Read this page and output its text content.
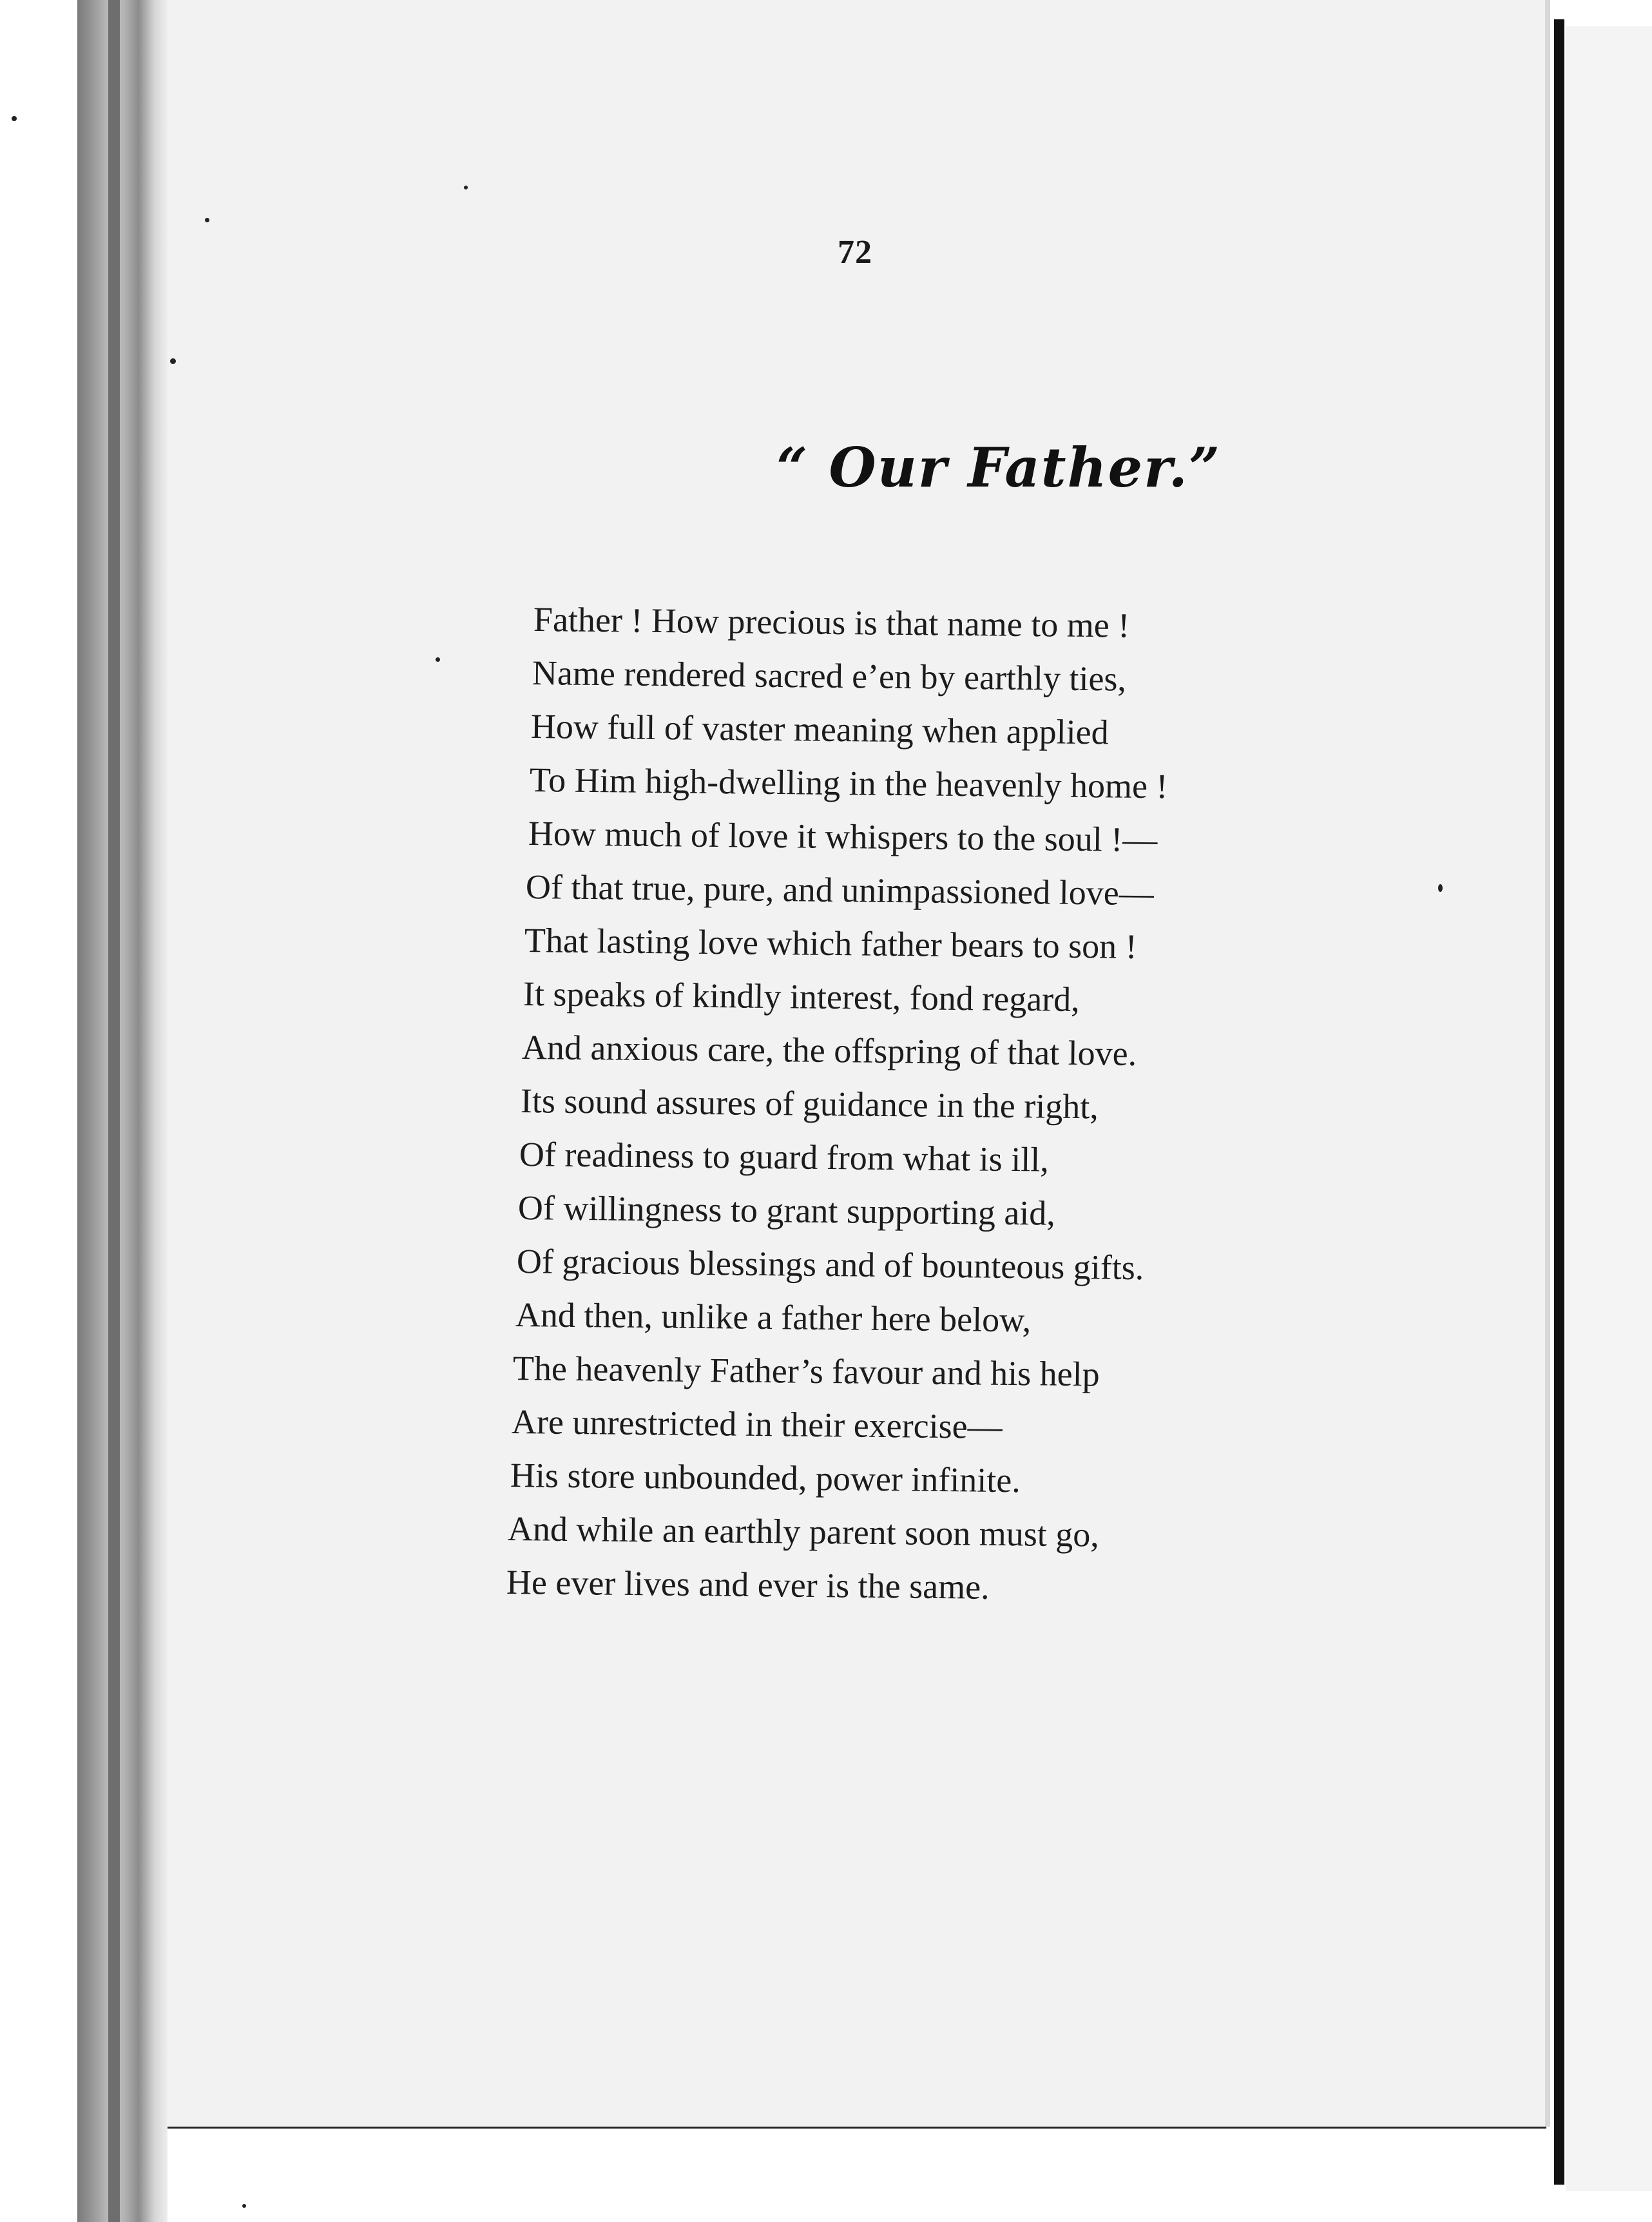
72
“ Our Father.”
Father ! How precious is that name to me !
Name rendered sacred e’en by earthly ties,
How full of vaster meaning when applied
To Him high-dwelling in the heavenly home !
How much of love it whispers to the soul !—
Of that true, pure, and unimpassioned love—
That lasting love which father bears to son !
It speaks of kindly interest, fond regard,
And anxious care, the offspring of that love.
Its sound assures of guidance in the right,
Of readiness to guard from what is ill,
Of willingness to grant supporting aid,
Of gracious blessings and of bounteous gifts.
And then, unlike a father here below,
The heavenly Father’s favour and his help
Are unrestricted in their exercise—
His store unbounded, power infinite.
And while an earthly parent soon must go,
He ever lives and ever is the same.
